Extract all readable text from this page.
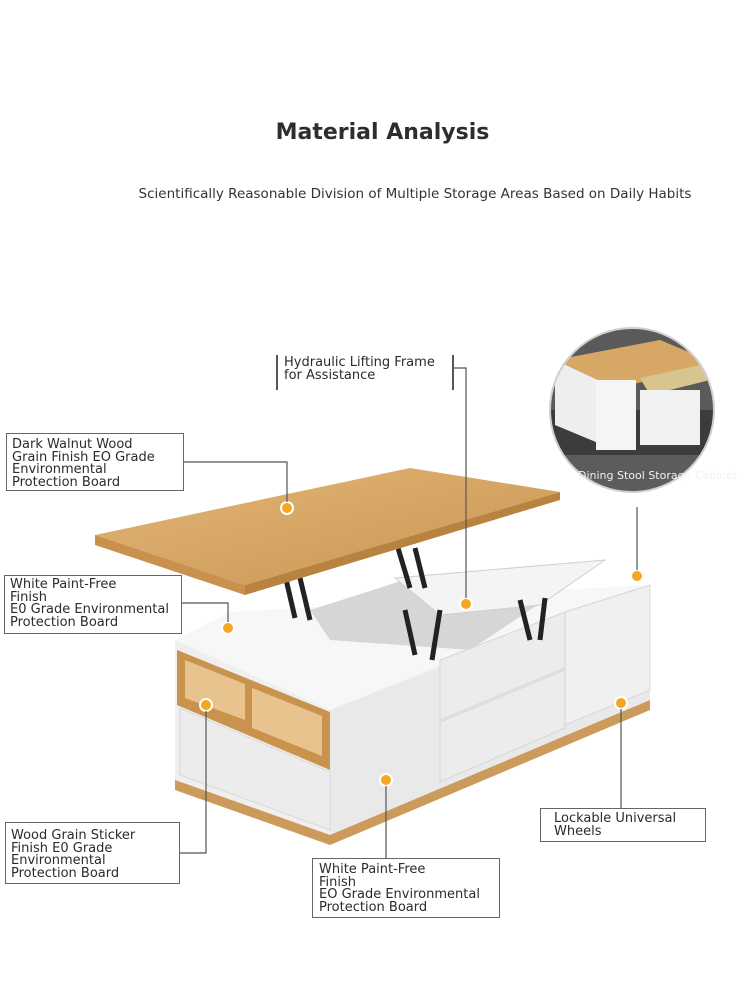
Material Analysis
Scientifically Reasonable Division of Multiple Storage Areas Based on Daily Habits
Dining Stool Storage Cabinet
Hydraulic Lifting Frame
for Assistance
Dark Walnut Wood
Grain Finish EO Grade
Environmental
Protection Board
White Paint-Free
Finish
E0 Grade Environmental
Protection Board
Wood Grain Sticker
Finish E0 Grade
Environmental
Protection Board	White Paint-Free
Finish
EO Grade Environmental
Protection Board
Lockable Universal
Wheels
